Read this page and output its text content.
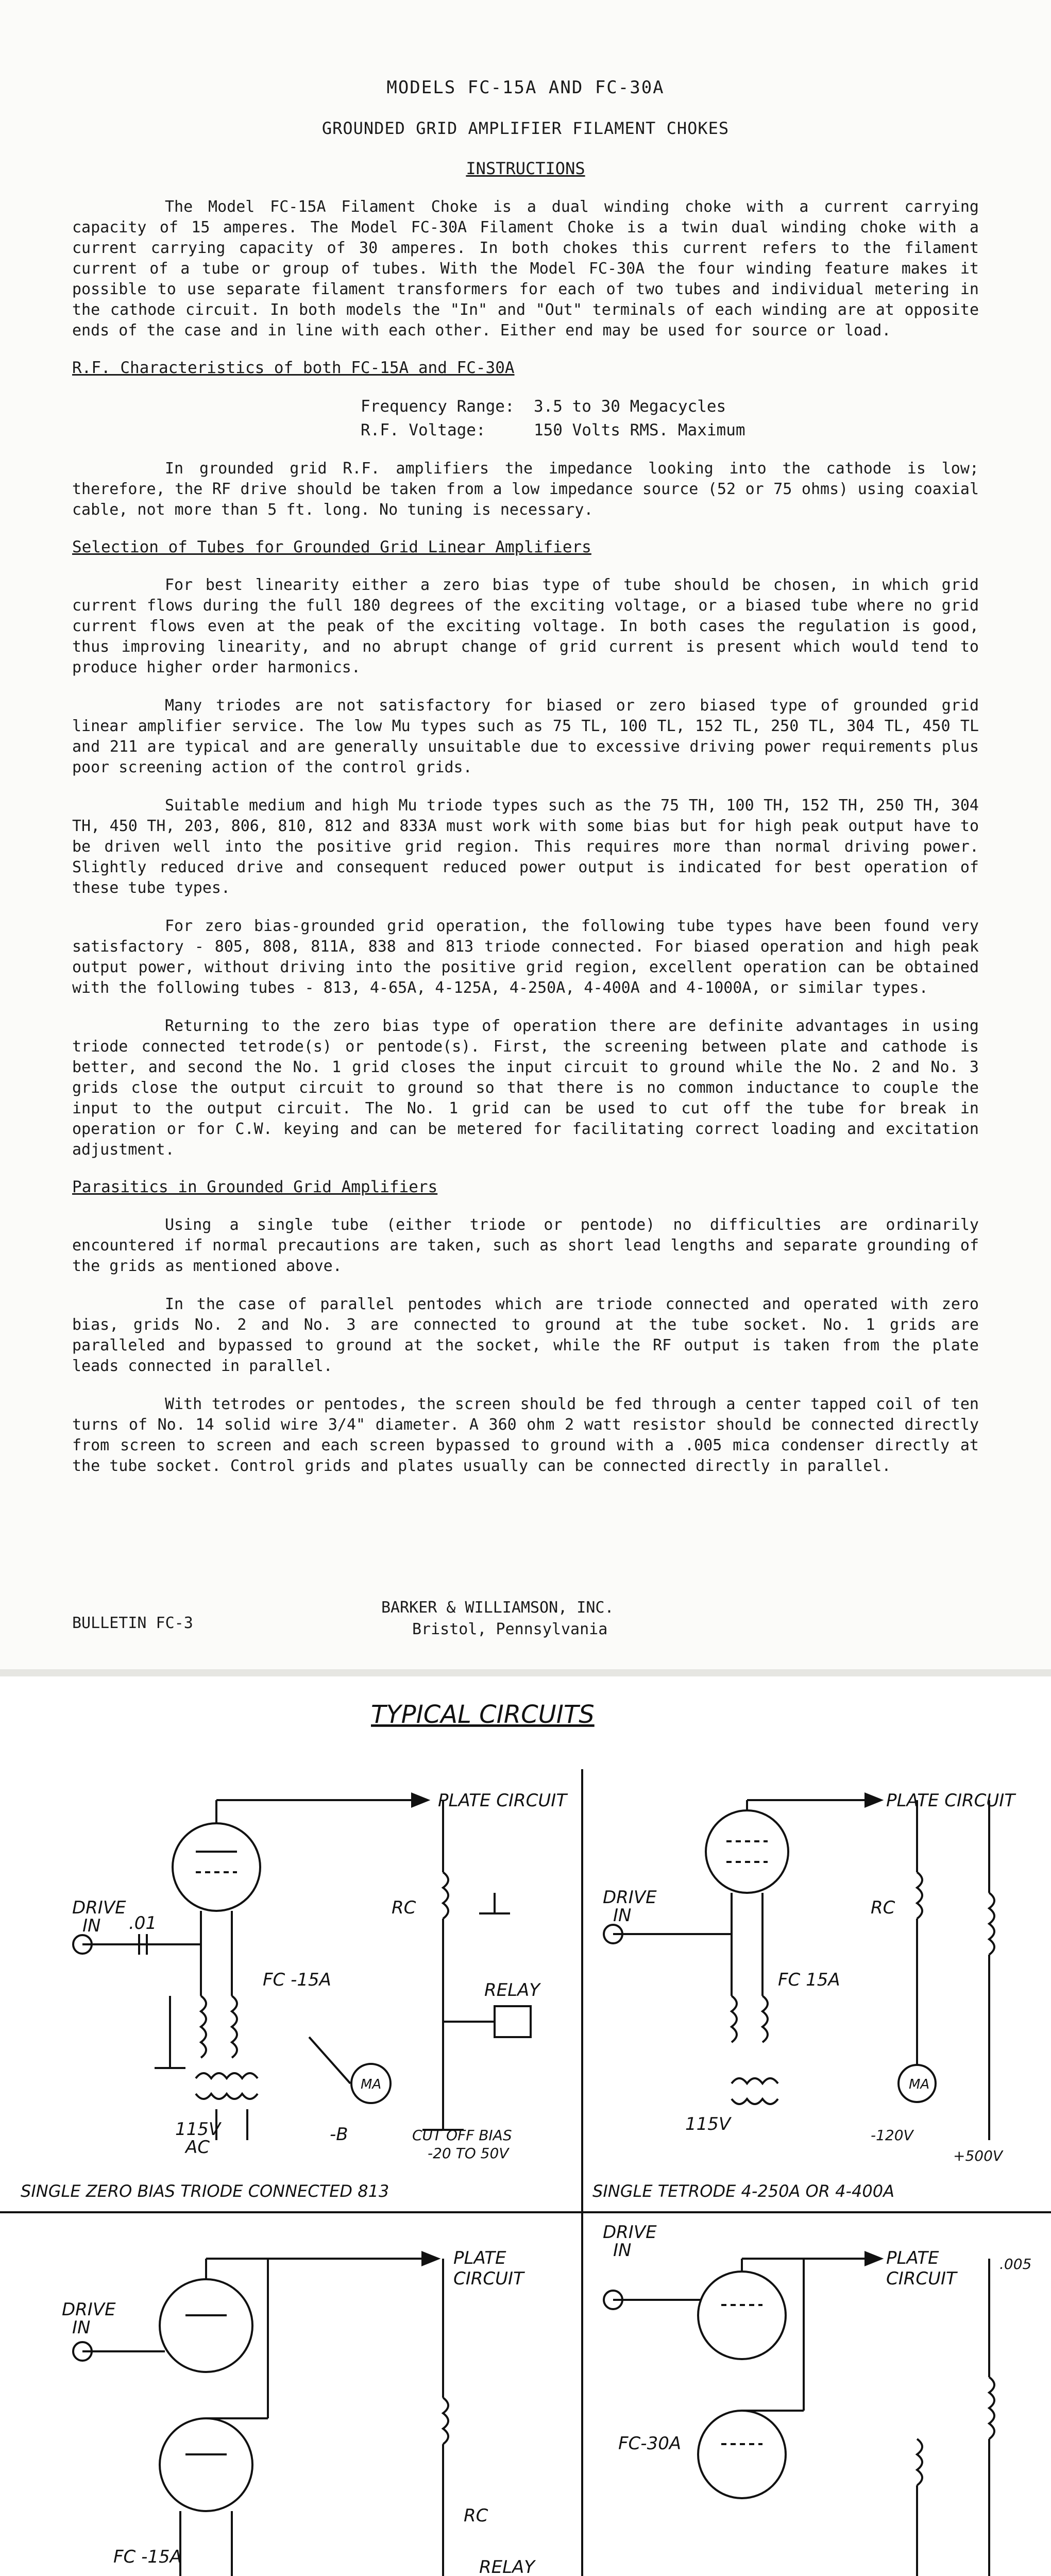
MODELS FC-15A AND FC-30A
GROUNDED GRID AMPLIFIER FILAMENT CHOKES
INSTRUCTIONS

The Model FC-15A Filament Choke is a dual winding choke with a current carrying capacity of 15 amperes. The Model FC-30A Filament Choke is a twin dual winding choke with a current carrying capacity of 30 amperes. In both chokes this current refers to the filament current of a tube or group of tubes. With the Model FC-30A the four winding feature makes it possible to use separate filament transformers for each of two tubes and individual metering in the cathode circuit. In both models the "In" and "Out" terminals of each winding are at opposite ends of the case and in line with each other. Either end may be used for source or load.

R.F. Characteristics of both FC-15A and FC-30A
Frequency Range:  3.5 to 30 Megacycles
R.F. Voltage:     150 Volts RMS. Maximum

In grounded grid R.F. amplifiers the impedance looking into the cathode is low; therefore, the RF drive should be taken from a low impedance source (52 or 75 ohms) using coaxial cable, not more than 5 ft. long. No tuning is necessary.

Selection of Tubes for Grounded Grid Linear Amplifiers

For best linearity either a zero bias type of tube should be chosen, in which grid current flows during the full 180 degrees of the exciting voltage, or a biased tube where no grid current flows even at the peak of the exciting voltage. In both cases the regulation is good, thus improving linearity, and no abrupt change of grid current is present which would tend to produce higher order harmonics.

Many triodes are not satisfactory for biased or zero biased type of grounded grid linear amplifier service. The low Mu types such as 75 TL, 100 TL, 152 TL, 250 TL, 304 TL, 450 TL and 211 are typical and are generally unsuitable due to excessive driving power requirements plus poor screening action of the control grids.

Suitable medium and high Mu triode types such as the 75 TH, 100 TH, 152 TH, 250 TH, 304 TH, 450 TH, 203, 806, 810, 812 and 833A must work with some bias but for high peak output have to be driven well into the positive grid region. This requires more than normal driving power. Slightly reduced drive and consequent reduced power output is indicated for best operation of these tube types.

For zero bias-grounded grid operation, the following tube types have been found very satisfactory - 805, 808, 811A, 838 and 813 triode connected. For biased operation and high peak output power, without driving into the positive grid region, excellent operation can be obtained with the following tubes - 813, 4-65A, 4-125A, 4-250A, 4-400A and 4-1000A, or similar types.

Returning to the zero bias type of operation there are definite advantages in using triode connected tetrode(s) or pentode(s). First, the screening between plate and cathode is better, and second the No. 1 grid closes the input circuit to ground while the No. 2 and No. 3 grids close the output circuit to ground so that there is no common inductance to couple the input to the output circuit. The No. 1 grid can be used to cut off the tube for break in operation or for C.W. keying and can be metered for facilitating correct loading and excitation adjustment.

Parasitics in Grounded Grid Amplifiers

Using a single tube (either triode or pentode) no difficulties are ordinarily encountered if normal precautions are taken, such as short lead lengths and separate grounding of the grids as mentioned above.

In the case of parallel pentodes which are triode connected and operated with zero bias, grids No. 2 and No. 3 are connected to ground at the tube socket. No. 1 grids are paralleled and bypassed to ground at the socket, while the RF output is taken from the plate leads connected in parallel.

With tetrodes or pentodes, the screen should be fed through a center tapped coil of ten turns of No. 14 solid wire 3/4" diameter. A 360 ohm 2 watt resistor should be connected directly from screen to screen and each screen bypassed to ground with a .005 mica condenser directly at the tube socket. Control grids and plates usually can be connected directly in parallel.

BULLETIN FC-3
BARKER & WILLIAMSON, INC.
Bristol, Pennsylvania
TYPICAL CIRCUITS
PLATE CIRCUIT
DRIVE
IN .01
FC -15A
RC
RELAY
MA
115V
AC
-B	CUT OFF BIAS
-20 TO 50V
SINGLE ZERO BIAS TRIODE CONNECTED 813
PLATE CIRCUIT
DRIVE
IN
FC 15A
RC
MA
115V
-120V
+500V
SINGLE TETRODE 4-250A OR 4-400A
PLATE
CIRCUIT
DRIVE
IN
FC -15A
RC
RELAY
DRIVE
IN	PLATE
CIRCUIT
.005
FC-30A
